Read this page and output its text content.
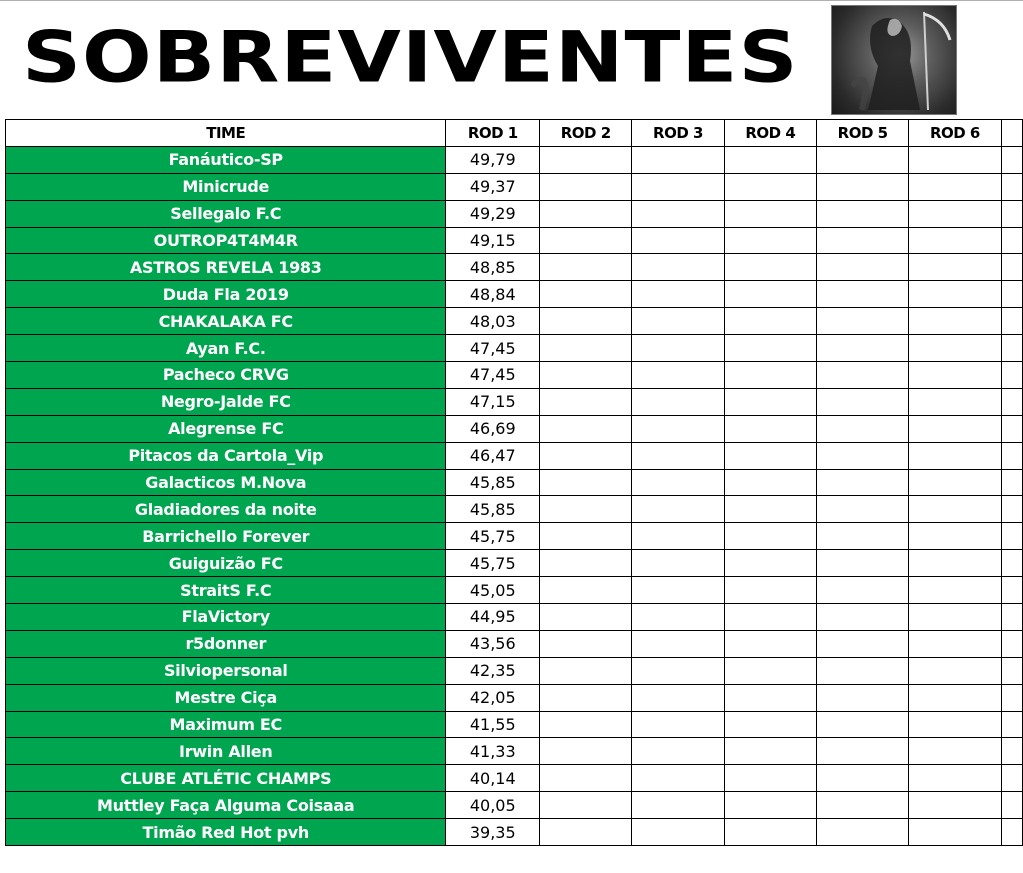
SOBREVIVENTES
TIME	ROD 1	ROD 2	ROD 3	ROD 4	ROD 5	ROD 6	
Fanáutico-SP	49,79						
Minicrude	49,37						
Sellegalo F.C	49,29						
OUTROP4T4M4R	49,15						
ASTROS REVELA 1983	48,85						
Duda Fla 2019	48,84						
CHAKALAKA FC	48,03						
Ayan F.C.	47,45						
Pacheco CRVG	47,45						
Negro-Jalde FC	47,15						
Alegrense FC	46,69						
Pitacos da Cartola_Vip	46,47						
Galacticos M.Nova	45,85						
Gladiadores da noite	45,85						
Barrichello Forever	45,75						
Guiguizão FC	45,75						
StraitS F.C	45,05						
FlaVictory	44,95						
r5donner	43,56						
Silviopersonal	42,35						
Mestre Ciça	42,05						
Maximum EC	41,55						
Irwin Allen	41,33						
CLUBE ATLÉTIC CHAMPS	40,14						
Muttley Faça Alguma Coisaaa	40,05						
Timão Red Hot pvh	39,35						
